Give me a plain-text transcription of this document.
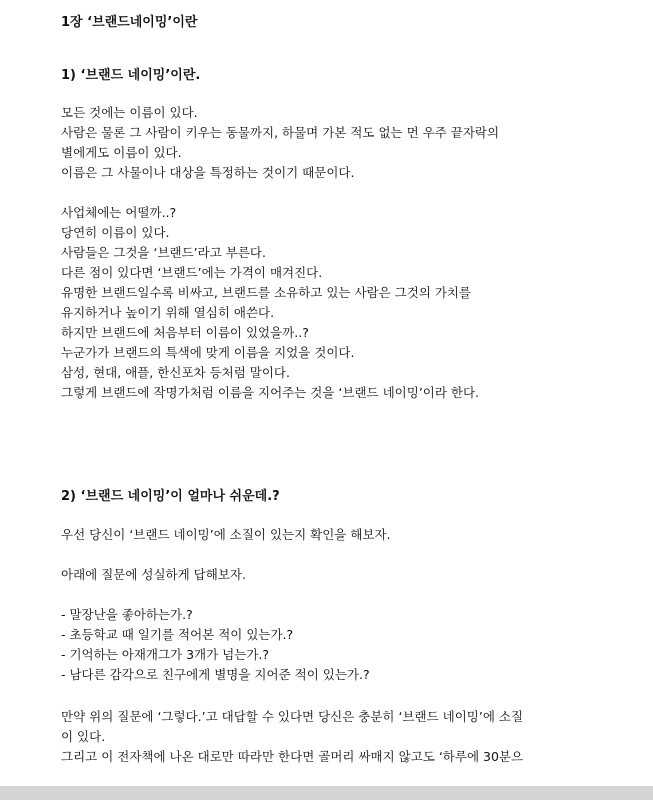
1장 ‘브랜드네이밍’이란
1) ‘브랜드 네이밍’이란.
모든 것에는 이름이 있다.
사람은 물론 그 사람이 키우는 동물까지, 하물며 가본 적도 없는 먼 우주 끝자락의
별에게도 이름이 있다.
이름은 그 사물이나 대상을 특정하는 것이기 때문이다.
사업체에는 어떨까..?
당연히 이름이 있다.
사람들은 그것을 ‘브랜드’라고 부른다.
다른 점이 있다면 ‘브랜드’에는 가격이 매겨진다.
유명한 브랜드일수록 비싸고, 브랜드를 소유하고 있는 사람은 그것의 가치를
유지하거나 높이기 위해 열심히 애쓴다.
하지만 브랜드에 처음부터 이름이 있었을까..?
누군가가 브랜드의 특색에 맞게 이름을 지었을 것이다.
삼성, 현대, 애플, 한신포차 등처럼 말이다.
그렇게 브랜드에 작명가처럼 이름을 지어주는 것을 ‘브랜드 네이밍’이라 한다.
2) ‘브랜드 네이밍’이 얼마나 쉬운데.?
우선 당신이 ‘브랜드 네이밍’에 소질이 있는지 확인을 해보자.
아래에 질문에 성실하게 답해보자.
- 말장난을 좋아하는가.?
- 초등학교 때 일기를 적어본 적이 있는가.?
- 기억하는 아재개그가 3개가 넘는가.?
- 남다른 감각으로 친구에게 별명을 지어준 적이 있는가.?
만약 위의 질문에 ‘그렇다.’고 대답할 수 있다면 당신은 충분히 ‘브랜드 네이밍’에 소질
이 있다.
그리고 이 전자책에 나온 대로만 따라만 한다면 골머리 싸매지 않고도 ‘하루에 30분으
